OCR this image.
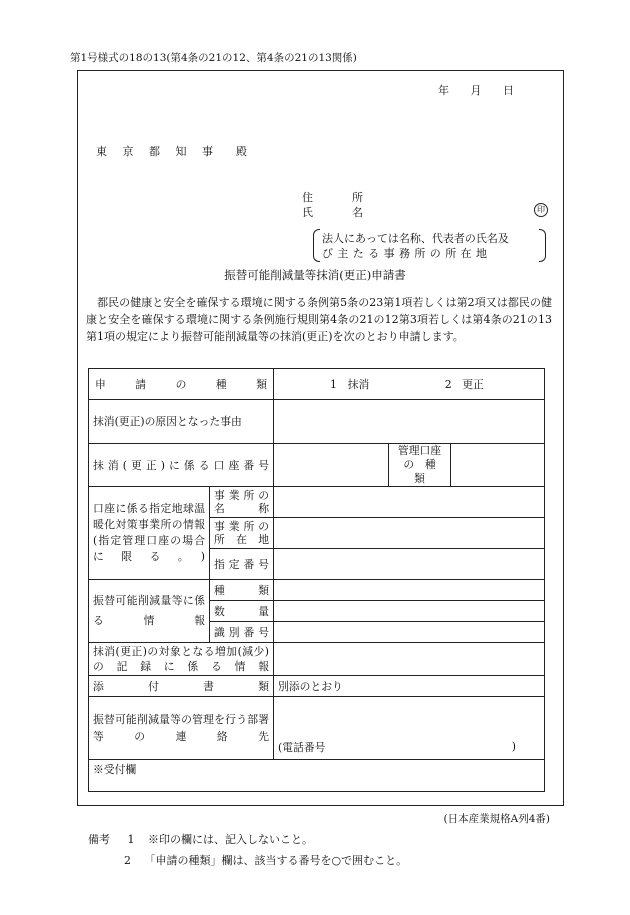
第1号様式の18の13(第4条の21の12、第4条の21の13関係)
年 月 日
東 京 都 知 事　殿
住　所
氏　名	印
法人にあっては名称、代表者の氏名及
び主たる事務所の所在地
振替可能削減量等抹消(更正)申請書
　都民の健康と安全を確保する環境に関する条例第5条の23第1項若しくは第2項又は都民の健康と安全を確保する環境に関する条例施行規則第4条の21の12第3項若しくは第4条の21の13第1項の規定により振替可能削減量等の抹消(更正)を次のとおり申請します。
申　請　の　種　類		1　抹消 2　更正		
抹消(更正)の原因となった事由				
抹消(更正)に係る口座番号			管理口座
の　種　類	

口座に係る指定地球温暖化対策事業所の情報(指定管理口座の場合に限る。)	事業所の
名　　称			

	事業所の
所 在 地			

	指定番号			
振替可能削減量等に係る情報	種　　類			
	数　　量			
	識別番号			
抹消(更正)の対象となる増加(減少)の記録に係る情報				
添　付　書　類		別添のとおり		
振替可能削減量等の管理を行う部署等の連絡先		(電話番号 )		

※受付欄				
(日本産業規格A列4番)
備考 1 ※印の欄には、記入しないこと。
2 「申請の種類」欄は、該当する番号を○で囲むこと。
